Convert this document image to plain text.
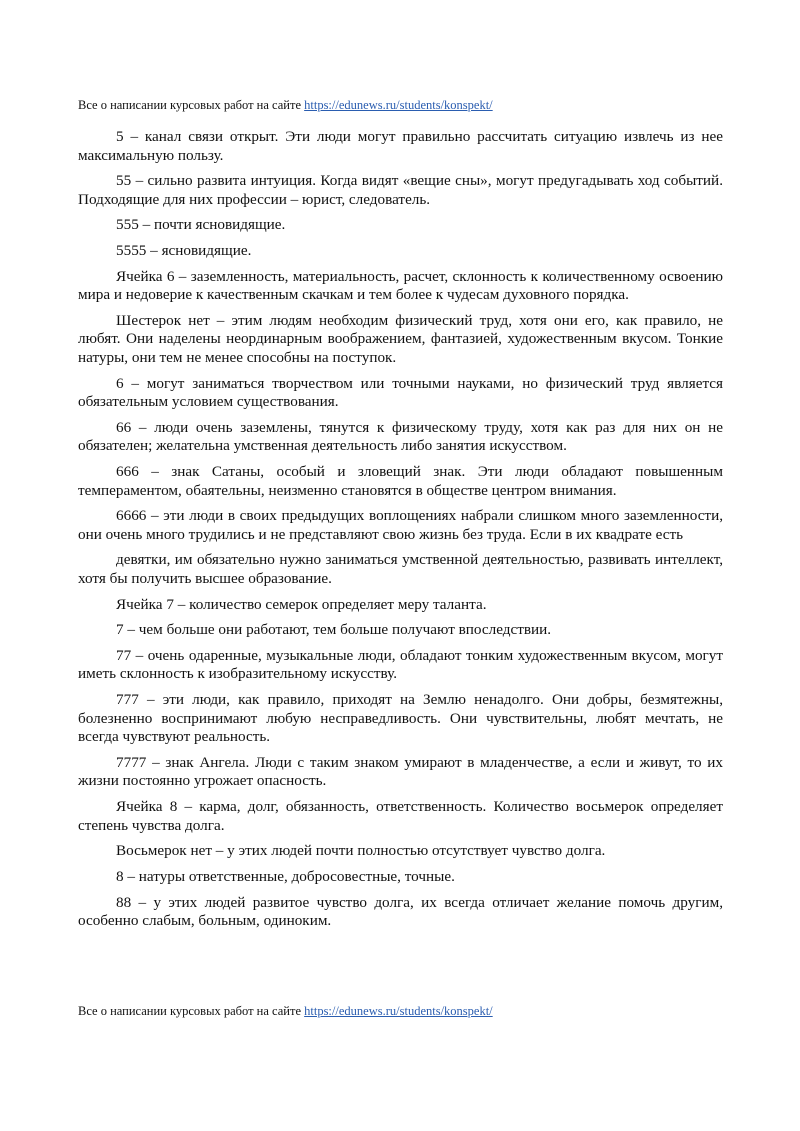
Все о написании курсовых работ на сайте https://edunews.ru/students/konspekt/

5 – канал связи открыт. Эти люди могут правильно рассчитать ситуацию извлечь из нее максимальную пользу.

55 – сильно развита интуиция. Когда видят «вещие сны», могут предугадывать ход событий. Подходящие для них профессии – юрист, следователь.

555 – почти ясновидящие.

5555 – ясновидящие.

Ячейка 6 – заземленность, материальность, расчет, склонность к количественному освоению мира и недоверие к качественным скачкам и тем более к чудесам духовного порядка.

Шестерок нет – этим людям необходим физический труд, хотя они его, как правило, не любят. Они наделены неординарным воображением, фантазией, художественным вкусом. Тонкие натуры, они тем не менее способны на поступок.

6 – могут заниматься творчеством или точными науками, но физический труд является обязательным условием существования.

66 – люди очень заземлены, тянутся к физическому труду, хотя как раз для них он не обязателен; желательна умственная деятельность либо занятия искусством.

666 – знак Сатаны, особый и зловещий знак. Эти люди обладают повышенным темпераментом, обаятельны, неизменно становятся в обществе центром внимания.

6666 – эти люди в своих предыдущих воплощениях набрали слишком много заземленности, они очень много трудились и не представляют свою жизнь без труда. Если в их квадрате есть

девятки, им обязательно нужно заниматься умственной деятельностью, развивать интеллект, хотя бы получить высшее образование.

Ячейка 7 – количество семерок определяет меру таланта.

7 – чем больше они работают, тем больше получают впоследствии.

77 – очень одаренные, музыкальные люди, обладают тонким художественным вкусом, могут иметь склонность к изобразительному искусству.

777 – эти люди, как правило, приходят на Землю ненадолго. Они добры, безмятежны, болезненно воспринимают любую несправедливость. Они чувствительны, любят мечтать, не всегда чувствуют реальность.

7777 – знак Ангела. Люди с таким знаком умирают в младенчестве, а если и живут, то их жизни постоянно угрожает опасность.

Ячейка 8 – карма, долг, обязанность, ответственность. Количество восьмерок определяет степень чувства долга.

Восьмерок нет – у этих людей почти полностью отсутствует чувство долга.

8 – натуры ответственные, добросовестные, точные.

88 – у этих людей развитое чувство долга, их всегда отличает желание помочь другим, особенно слабым, больным, одиноким.

Все о написании курсовых работ на сайте https://edunews.ru/students/konspekt/
